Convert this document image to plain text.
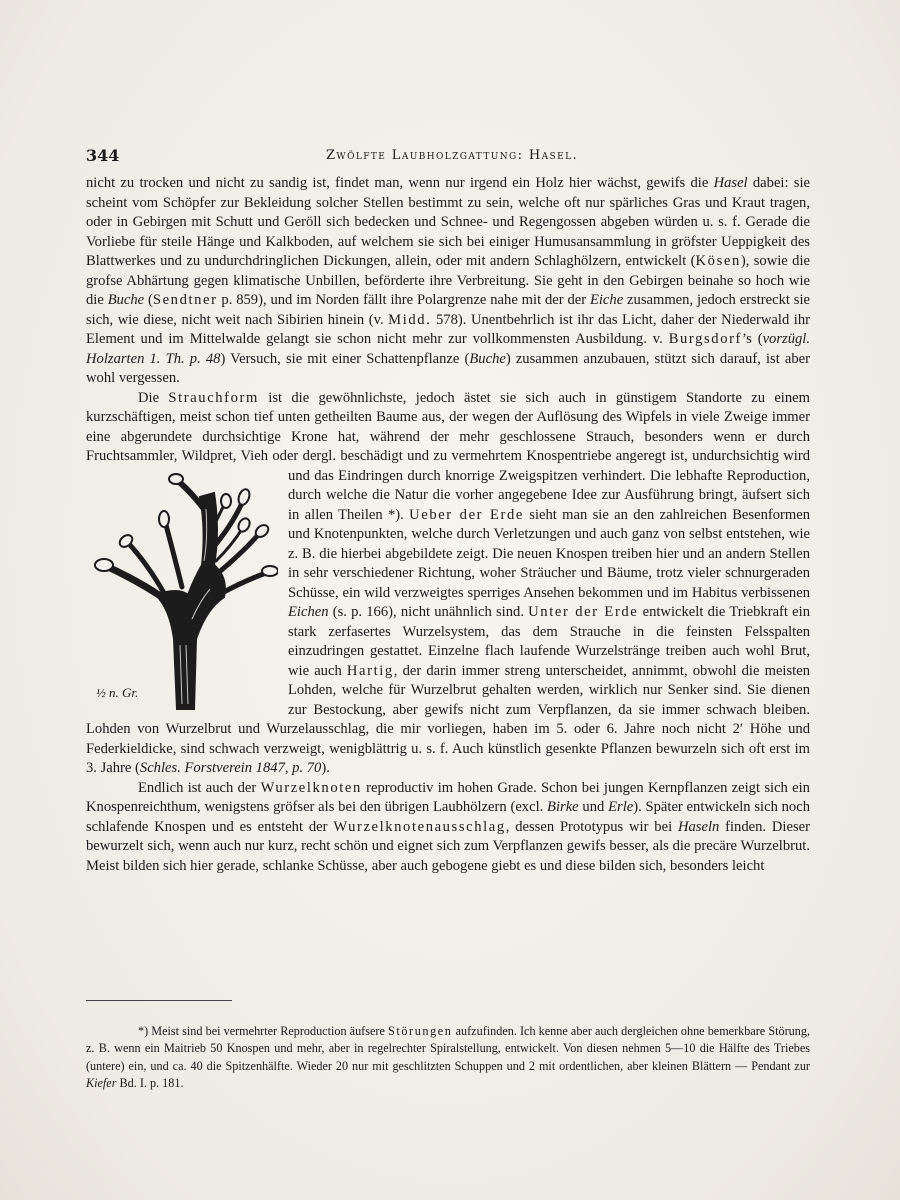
344	Zwölfte Laubholzgattung: Hasel.

nicht zu trocken und nicht zu sandig ist, findet man, wenn nur irgend ein Holz hier wächst, gewifs die Hasel dabei: sie scheint vom Schöpfer zur Bekleidung solcher Stellen bestimmt zu sein, welche oft nur spärliches Gras und Kraut tragen, oder in Gebirgen mit Schutt und Geröll sich bedecken und Schnee- und Regengossen abgeben würden u. s. f. Gerade die Vorliebe für steile Hänge und Kalkboden, auf welchem sie sich bei einiger Humusansammlung in gröfster Ueppigkeit des Blattwerkes und zu undurchdringlichen Dickungen, allein, oder mit andern Schlaghölzern, entwickelt (Kösen), sowie die grofse Abhärtung gegen klimatische Unbillen, beförderte ihre Verbreitung. Sie geht in den Gebirgen beinahe so hoch wie die Buche (Sendtner p. 859), und im Norden fällt ihre Polargrenze nahe mit der der Eiche zusammen, jedoch erstreckt sie sich, wie diese, nicht weit nach Sibirien hinein (v. Midd. 578). Unentbehrlich ist ihr das Licht, daher der Niederwald ihr Element und im Mittelwalde gelangt sie schon nicht mehr zur vollkommensten Ausbildung. v. Burgsdorf’s (vorzügl. Holzarten 1. Th. p. 48) Versuch, sie mit einer Schattenpflanze (Buche) zusammen anzubauen, stützt sich darauf, ist aber wohl vergessen.

Die Strauchform ist die gewöhnlichste, jedoch ästet sie sich auch in günstigem Standorte zu einem kurzschäftigen, meist schon tief unten getheilten Baume aus, der wegen der Auflösung des Wipfels in viele Zweige immer eine abgerundete durchsichtige Krone hat, während der mehr geschlossene Strauch, besonders wenn er durch Fruchtsammler, Wildpret, Vieh oder dergl. beschädigt und zu vermehrtem Knospentriebe angeregt ist, undurchsichtig wird und das Eindringen durch knorrige Zweigspitzen verhindert. Die
½ n. Gr.
lebhafte Reproduction, durch welche die Natur die vorher angegebene Idee zur Ausführung bringt, äufsert sich in allen Theilen *). Ueber der Erde sieht man sie an den zahlreichen Besenformen und Knotenpunkten, welche durch Verletzungen und auch ganz von selbst entstehen, wie z. B. die hierbei abgebildete zeigt. Die neuen Knospen treiben hier und an andern Stellen in sehr verschiedener Richtung, woher Sträucher und Bäume, trotz vieler schnurgeraden Schüsse, ein wild verzweigtes sperriges Ansehen bekommen und im Habitus verbissenen Eichen (s. p. 166), nicht unähnlich sind. Unter der Erde entwickelt die Triebkraft ein stark zerfasertes Wurzelsystem, das dem Strauche in die feinsten Felsspalten einzudringen gestattet. Einzelne flach laufende Wurzelstränge treiben auch wohl Brut, wie auch Hartig, der darin immer streng unterscheidet, annimmt, obwohl die meisten Lohden, welche für Wurzelbrut gehalten werden, wirklich nur Senker sind. Sie dienen zur Bestockung, aber gewifs nicht zum Verpflanzen, da sie immer schwach bleiben. Lohden von Wurzelbrut und Wurzelausschlag, die mir vorliegen, haben im 5. oder 6. Jahre noch nicht 2′ Höhe und Federkieldicke, sind schwach verzweigt, wenigblättrig u. s. f. Auch künstlich gesenkte Pflanzen bewurzeln sich oft erst im 3. Jahre (Schles. Forstverein 1847, p. 70).

Endlich ist auch der Wurzelknoten reproductiv im hohen Grade. Schon bei jungen Kernpflanzen zeigt sich ein Knospenreichthum, wenigstens gröfser als bei den übrigen Laubhölzern (excl. Birke und Erle). Später entwickeln sich noch schlafende Knospen und es entsteht der Wurzelknotenausschlag, dessen Prototypus wir bei Haseln finden. Dieser bewurzelt sich, wenn auch nur kurz, recht schön und eignet sich zum Verpflanzen gewifs besser, als die precäre Wurzelbrut. Meist bilden sich hier gerade, schlanke Schüsse, aber auch gebogene giebt es und diese bilden sich, besonders leicht

*) Meist sind bei vermehrter Reproduction äufsere Störungen aufzufinden. Ich kenne aber auch dergleichen ohne bemerkbare Störung, z. B. wenn ein Maitrieb 50 Knospen und mehr, aber in regelrechter Spiralstellung, entwickelt. Von diesen nehmen 5—10 die Hälfte des Triebes (untere) ein, und ca. 40 die Spitzenhälfte. Wieder 20 nur mit geschlitzten Schuppen und 2 mit ordentlichen, aber kleinen Blättern — Pendant zur Kiefer Bd. I. p. 181.
